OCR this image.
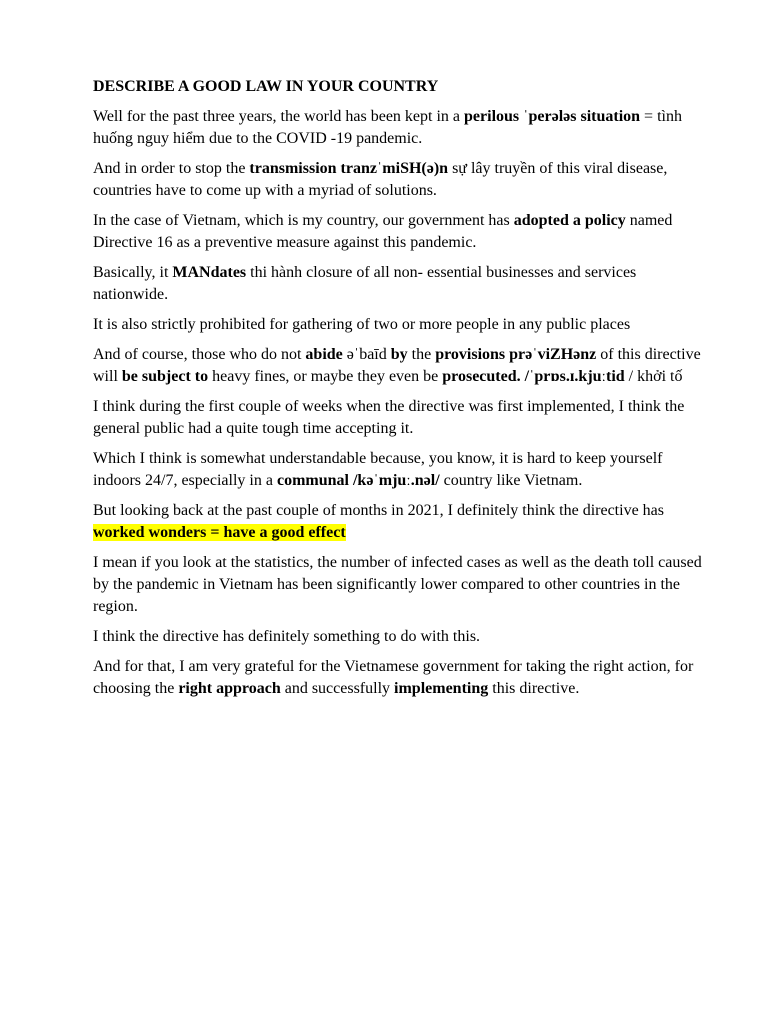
DESCRIBE A GOOD LAW IN YOUR COUNTRY

Well for the past three years, the world has been kept in a perilous ˈperələs situation = tình huống nguy hiểm due to the COVID -19 pandemic.

And in order to stop the transmission tranzˈmiSH(ə)n sự lây truyền of this viral disease, countries have to come up with a myriad of solutions.

In the case of Vietnam, which is my country, our government has adopted a policy named Directive 16 as a preventive measure against this pandemic.

Basically, it MANdates thi hành closure of all non- essential businesses and services nationwide.

It is also strictly prohibited for gathering of two or more people in any public places

And of course, those who do not abide əˈbaīd by the provisions prəˈviZHənz of this directive will be subject to heavy fines, or maybe they even be prosecuted. /ˈprɒs.ɪ.kjuːtid / khởi tố

I think during the first couple of weeks when the directive was first implemented, I think the general public had a quite tough time accepting it.

Which I think is somewhat understandable because, you know, it is hard to keep yourself indoors 24/7, especially in a communal /kəˈmjuː.nəl/ country like Vietnam.

But looking back at the past couple of months in 2021, I definitely think the directive has worked wonders = have a good effect

I mean if you look at the statistics, the number of infected cases as well as the death toll caused by the pandemic in Vietnam has been significantly lower compared to other countries in the region.

I think the directive has definitely something to do with this.

And for that, I am very grateful for the Vietnamese government for taking the right action, for choosing the right approach and successfully implementing this directive.
